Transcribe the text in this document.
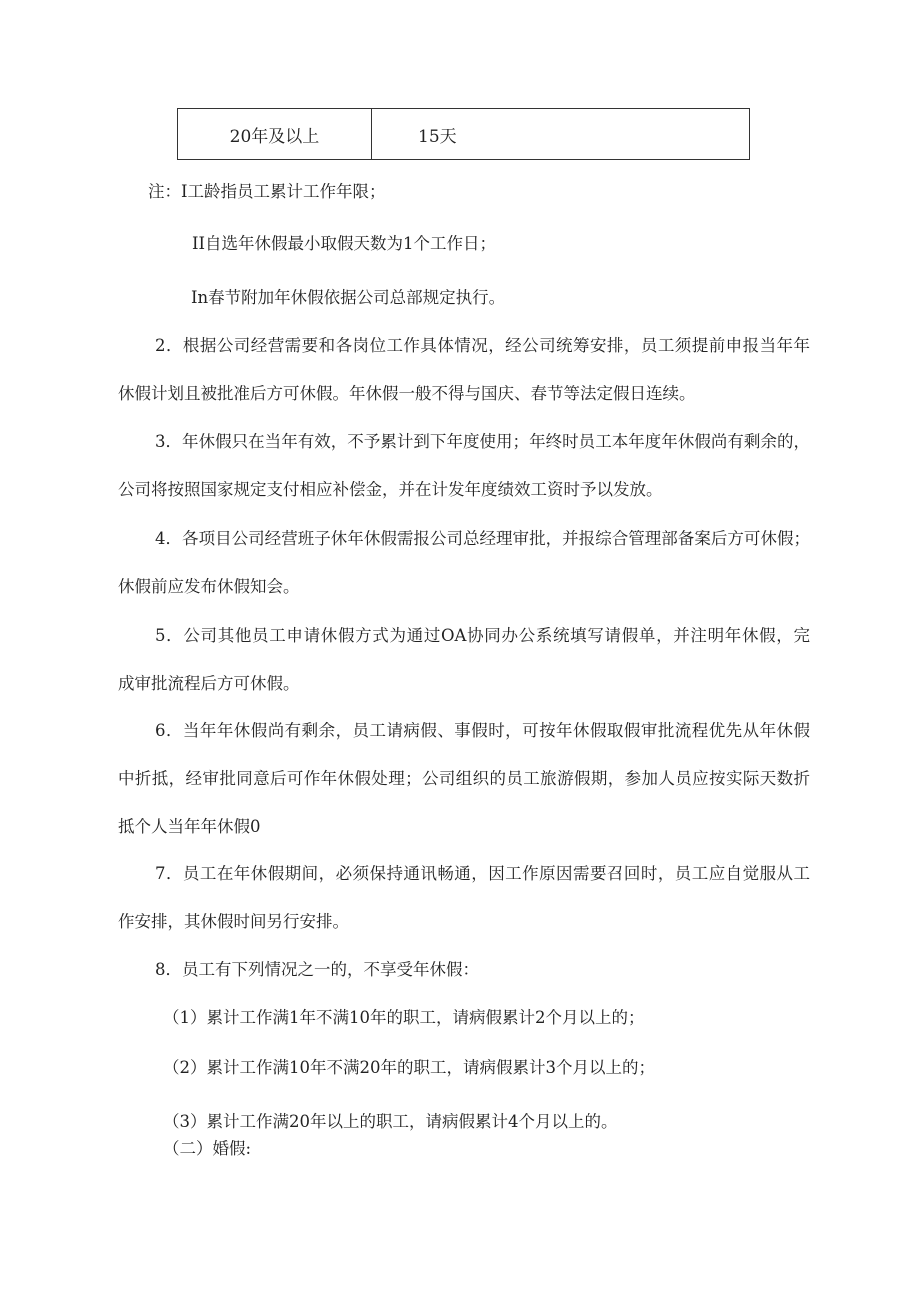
20年及以上	15天
注：I工龄指员工累计工作年限；
II自选年休假最小取假天数为1个工作日；
In春节附加年休假依据公司总部规定执行。
2．根据公司经营需要和各岗位工作具体情况，经公司统筹安排，员工须提前申报当年年
休假计划且被批准后方可休假。年休假一般不得与国庆、春节等法定假日连续。
3．年休假只在当年有效，不予累计到下年度使用；年终时员工本年度年休假尚有剩余的，
公司将按照国家规定支付相应补偿金，并在计发年度绩效工资时予以发放。
4．各项目公司经营班子休年休假需报公司总经理审批，并报综合管理部备案后方可休假；
休假前应发布休假知会。
5．公司其他员工申请休假方式为通过OA协同办公系统填写请假单，并注明年休假，完
成审批流程后方可休假。
6．当年年休假尚有剩余，员工请病假、事假时，可按年休假取假审批流程优先从年休假
中折抵，经审批同意后可作年休假处理；公司组织的员工旅游假期，参加人员应按实际天数折
抵个人当年年休假0
7．员工在年休假期间，必须保持通讯畅通，因工作原因需要召回时，员工应自觉服从工
作安排，其休假时间另行安排。
8．员工有下列情况之一的，不享受年休假：
（1）累计工作满1年不满10年的职工，请病假累计2个月以上的；
（2）累计工作满10年不满20年的职工，请病假累计3个月以上的；
（3）累计工作满20年以上的职工，请病假累计4个月以上的。
（二）婚假:
